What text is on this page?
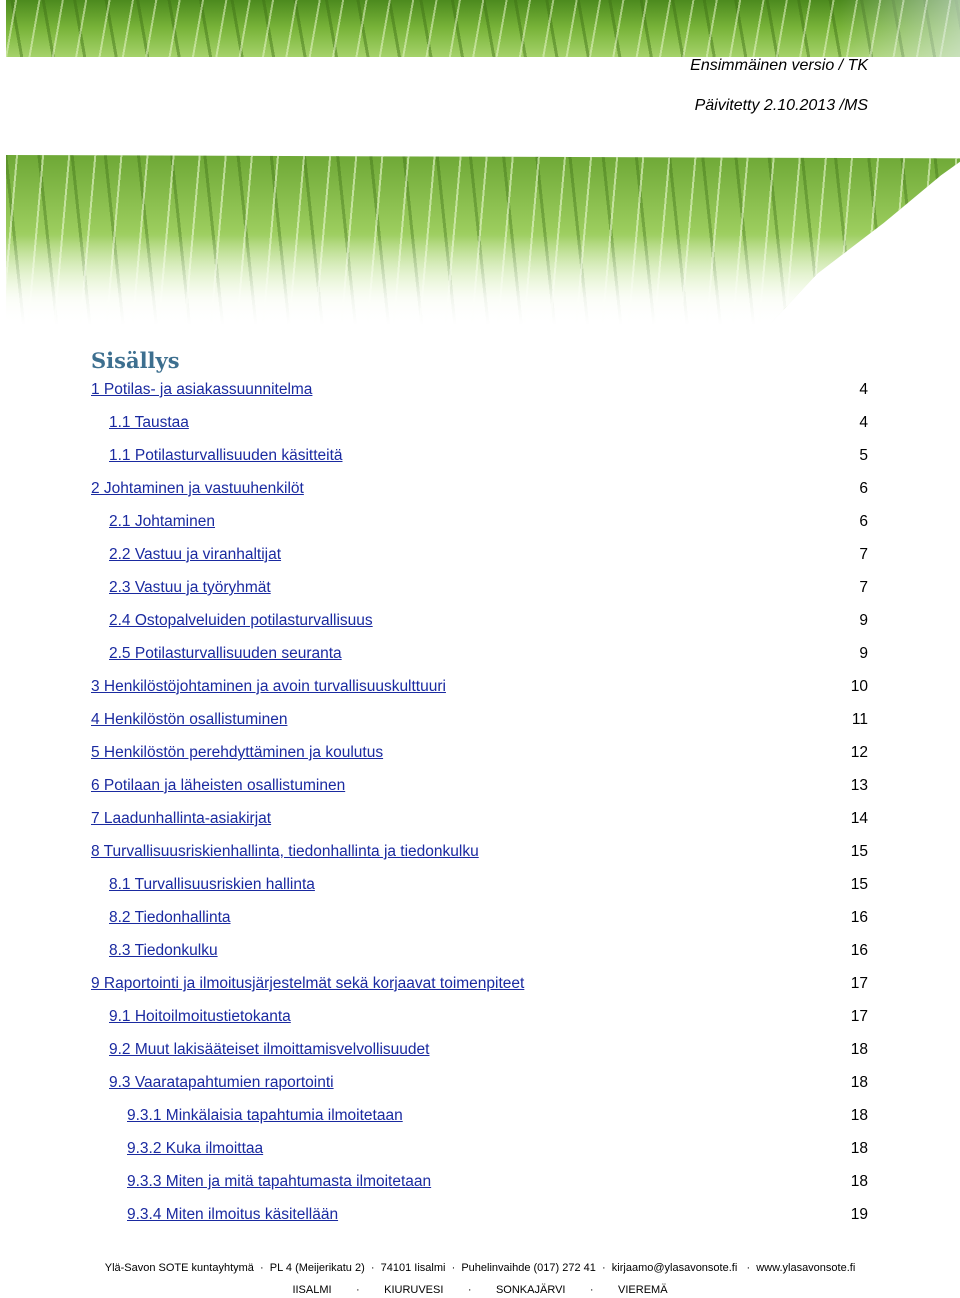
Ensimmäinen versio / TK
Päivitetty 2.10.2013 /MS
Sisällys
1 Potilas- ja asiakassuunnitelma	4
1.1 Taustaa	4
1.1 Potilasturvallisuuden käsitteitä	5
2 Johtaminen ja vastuuhenkilöt	6
2.1 Johtaminen	6
2.2 Vastuu ja viranhaltijat	7
2.3 Vastuu ja työryhmät	7
2.4 Ostopalveluiden potilasturvallisuus	9
2.5 Potilasturvallisuuden seuranta	9
3 Henkilöstöjohtaminen ja avoin turvallisuuskulttuuri	10
4 Henkilöstön osallistuminen	11
5 Henkilöstön perehdyttäminen ja koulutus	12
6 Potilaan ja läheisten osallistuminen	13
7 Laadunhallinta-asiakirjat	14
8 Turvallisuusriskienhallinta, tiedonhallinta ja tiedonkulku	15
8.1 Turvallisuusriskien hallinta	15
8.2 Tiedonhallinta	16
8.3 Tiedonkulku	16
9 Raportointi ja ilmoitusjärjestelmät sekä korjaavat toimenpiteet	17
9.1 Hoitoilmoitustietokanta	17
9.2 Muut lakisääteiset ilmoittamisvelvollisuudet	18
9.3 Vaaratapahtumien raportointi	18
9.3.1 Minkälaisia tapahtumia ilmoitetaan	18
9.3.2 Kuka ilmoittaa	18
9.3.3 Miten ja mitä tapahtumasta ilmoitetaan	18
9.3.4 Miten ilmoitus käsitellään	19
Ylä-Savon SOTE kuntayhtymä  ·  PL 4 (Meijerikatu 2)  ·  74101 Iisalmi  ·  Puhelinvaihde (017) 272 41  ·  kirjaamo@ylasavonsote.fi   ·  www.ylasavonsote.fi
IISALMI        ·        KIURUVESI        ·        SONKAJÄRVI        ·        VIEREMÄ
